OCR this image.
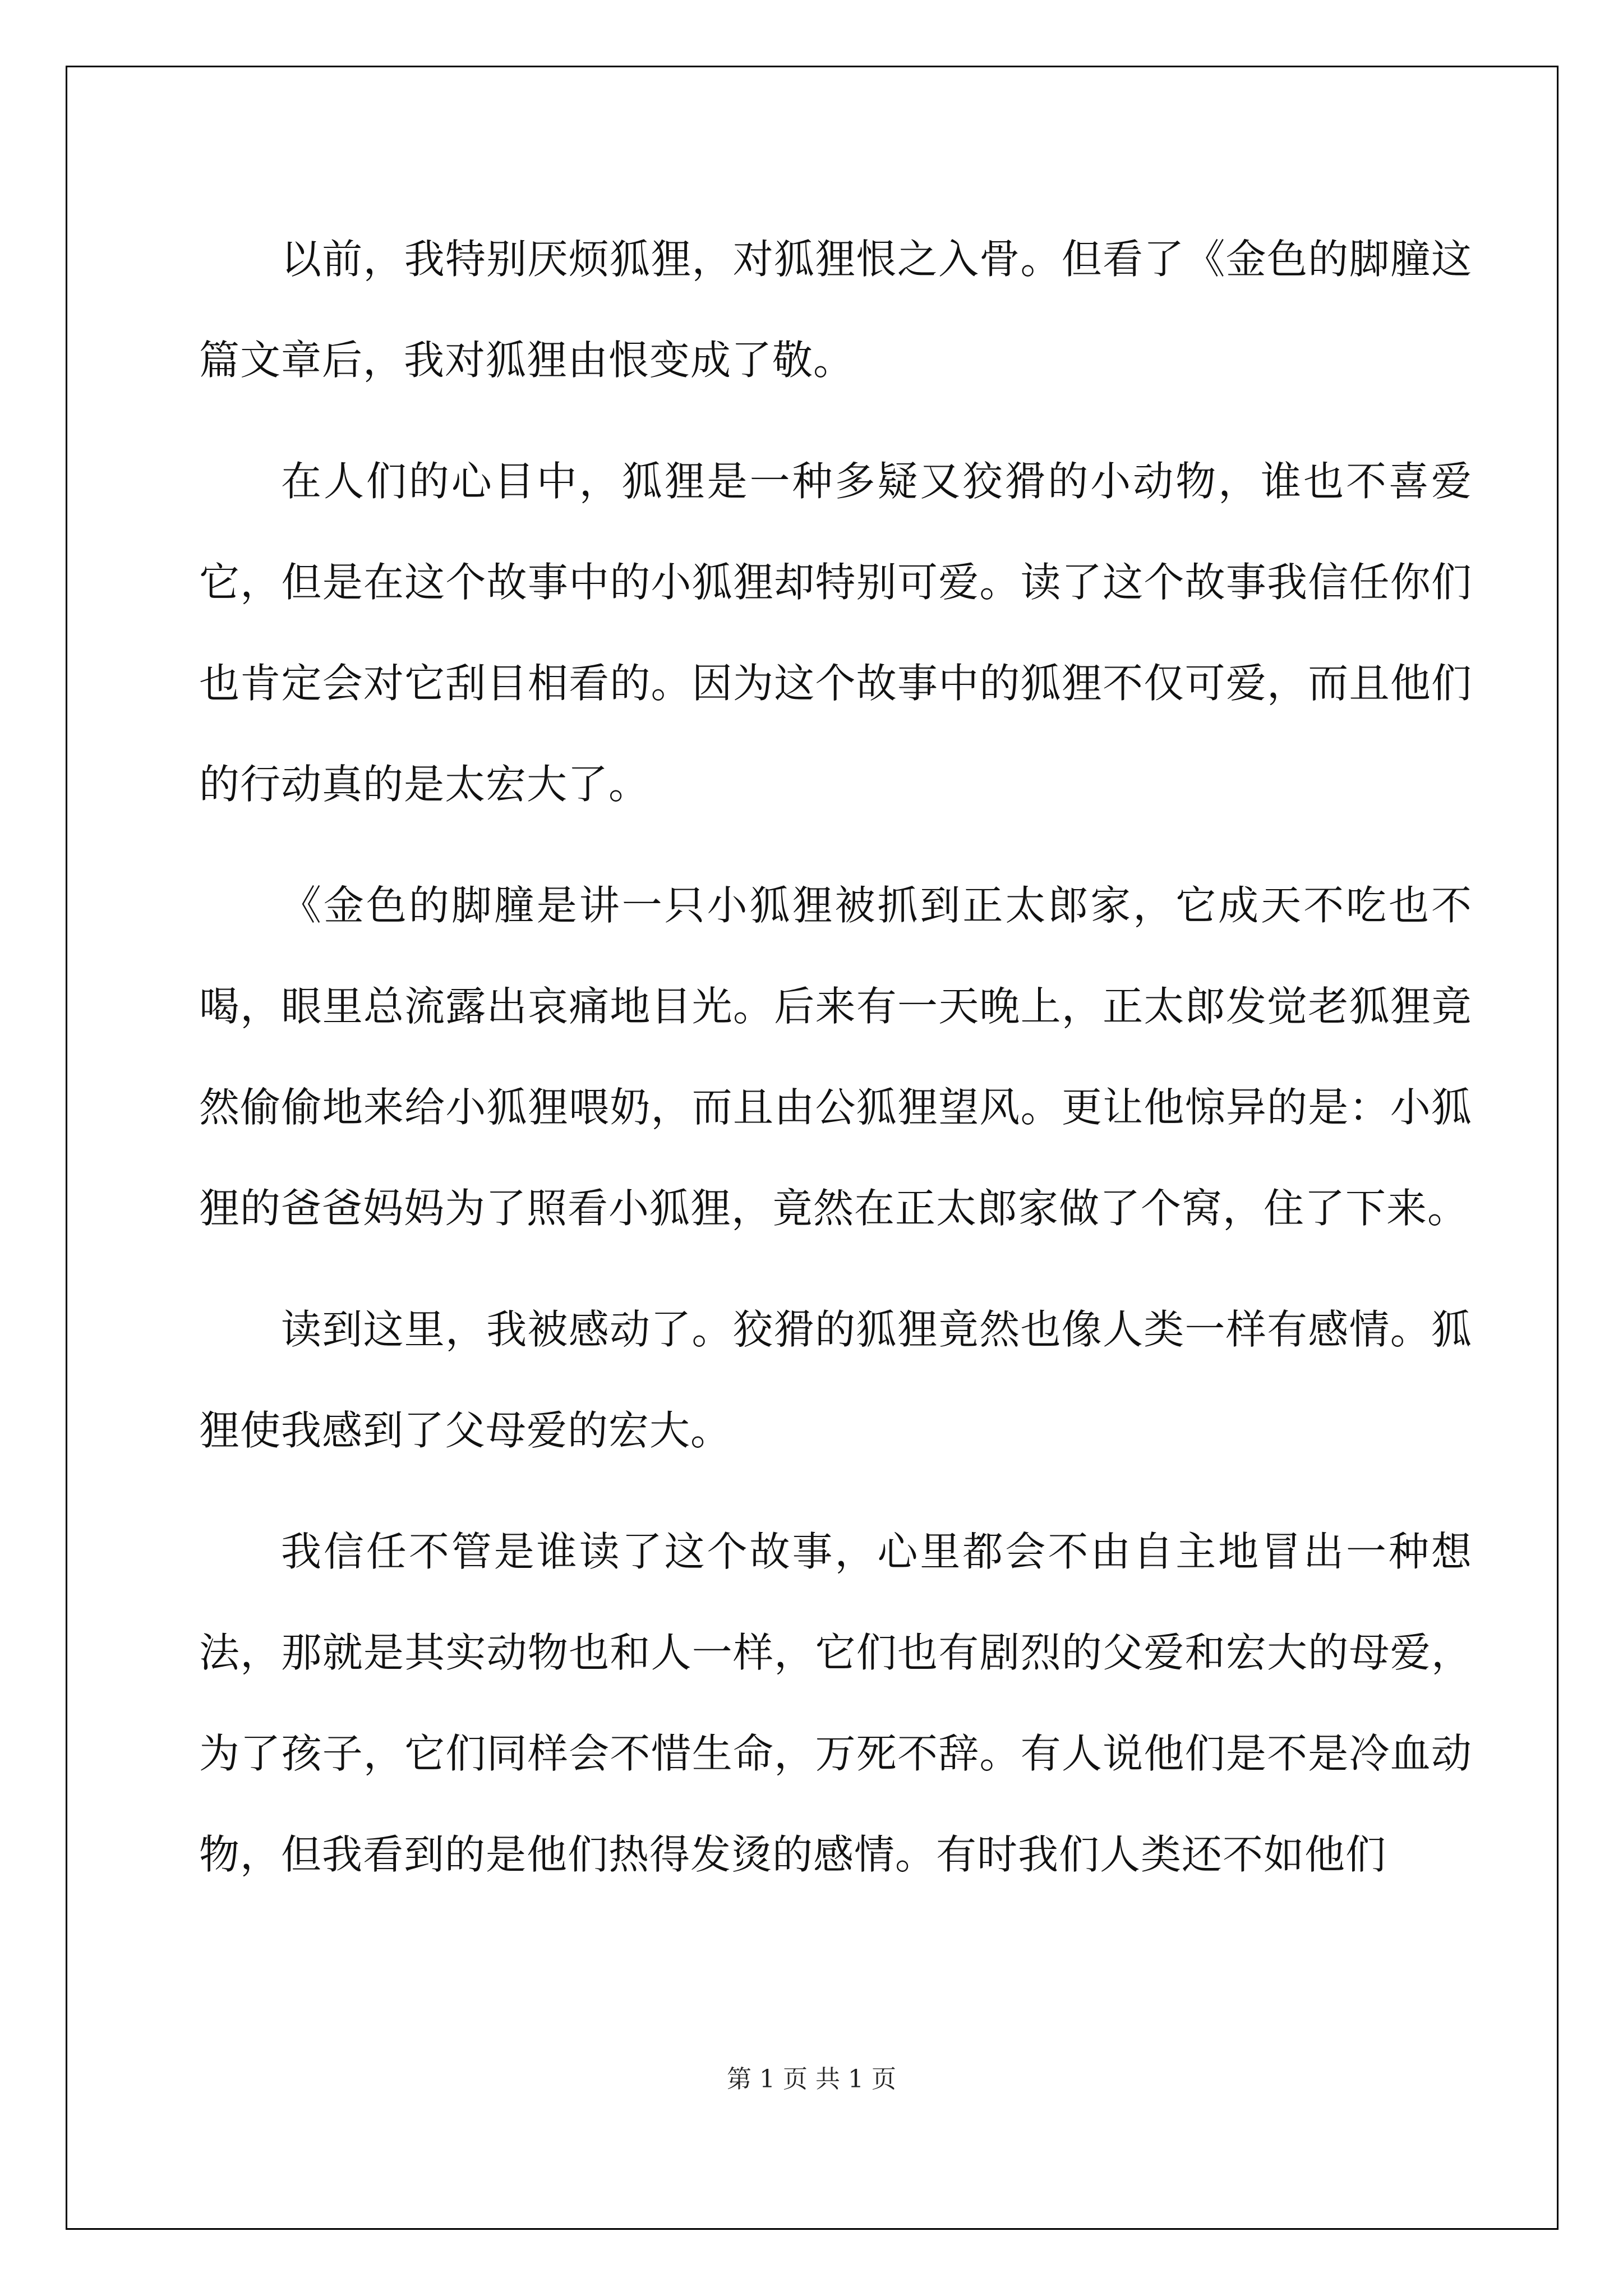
以前，我特别厌烦狐狸，对狐狸恨之入骨。但看了《金色的脚膧这篇文章后，我对狐狸由恨变成了敬。

在人们的心目中，狐狸是一种多疑又狡猾的小动物，谁也不喜爱它，但是在这个故事中的小狐狸却特别可爱。读了这个故事我信任你们也肯定会对它刮目相看的。因为这个故事中的狐狸不仅可爱，而且他们的行动真的是太宏大了。

《金色的脚膧是讲一只小狐狸被抓到正太郎家，它成天不吃也不喝，眼里总流露出哀痛地目光。后来有一天晚上，正太郎发觉老狐狸竟然偷偷地来给小狐狸喂奶，而且由公狐狸望风。更让他惊异的是：小狐狸的爸爸妈妈为了照看小狐狸，竟然在正太郎家做了个窝，住了下来。

读到这里，我被感动了。狡猾的狐狸竟然也像人类一样有感情。狐狸使我感到了父母爱的宏大。

我信任不管是谁读了这个故事，心里都会不由自主地冒出一种想法，那就是其实动物也和人一样，它们也有剧烈的父爱和宏大的母爱，为了孩子，它们同样会不惜生命，万死不辞。有人说他们是不是冷血动物，但我看到的是他们热得发烫的感情。有时我们人类还不如他们

第 1 页 共 1 页
